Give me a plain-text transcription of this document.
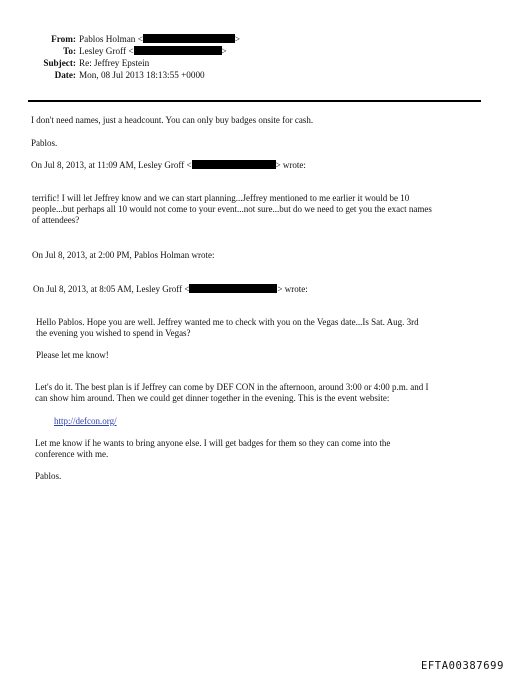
From: Pablos Holman <	>
To: Lesley Groff <	>
Subject: Re: Jeffrey Epstein
Date: Mon, 08 Jul 2013 18:13:55 +0000
I don't need names, just a headcount. You can only buy badges onsite for cash.
Pablos.
On Jul 8, 2013, at 11:09 AM, Lesley Groff <	> wrote:
terrific! I will let Jeffrey know and we can start planning...Jeffrey mentioned to me earlier it would be 10
people...but perhaps all 10 would not come to your event...not sure...but do we need to get you the exact names
of attendees?
On Jul 8, 2013, at 2:00 PM, Pablos Holman wrote:
On Jul 8, 2013, at 8:05 AM, Lesley Groff <	> wrote:
Hello Pablos. Hope you are well. Jeffrey wanted me to check with you on the Vegas date...Is Sat. Aug. 3rd
the evening you wished to spend in Vegas?
Please let me know!
Let's do it. The best plan is if Jeffrey can come by DEF CON in the afternoon, around 3:00 or 4:00 p.m. and I
can show him around. Then we could get dinner together in the evening. This is the event website:
http://defcon.org/
Let me know if he wants to bring anyone else. I will get badges for them so they can come into the
conference with me.
Pablos.
EFTA00387699
